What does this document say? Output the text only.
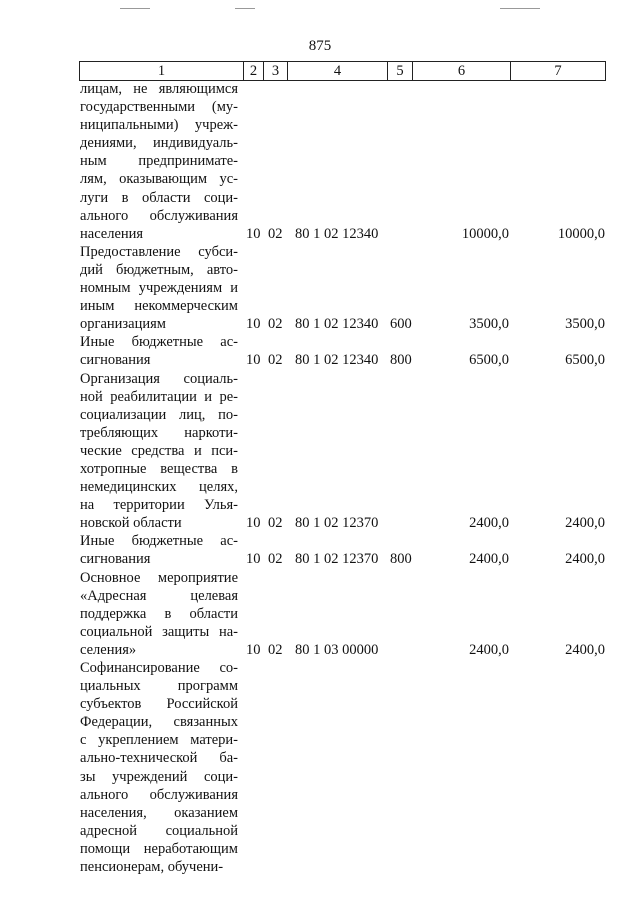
875
1	2	3	4	5	6	7
лицам, не являющимся
государственными (му-
ниципальными) учреж-
дениями, индивидуаль-
ным предпринимате-
лям, оказывающим ус-
луги в области соци-
ального обслуживания
населения	10 02 80 1 02 12340	10000,0	10000,0
Предоставление субси-
дий бюджетным, авто-
номным учреждениям и
иным некоммерческим
организациям	10 02 80 1 02 12340 600	3500,0	3500,0
Иные бюджетные ас-
сигнования	10 02 80 1 02 12340 800	6500,0	6500,0
Организация социаль-
ной реабилитации и ре-
социализации лиц, по-
требляющих наркоти-
ческие средства и пси-
хотропные вещества в
немедицинских целях,
на территории Улья-
новской области	10 02 80 1 02 12370	2400,0	2400,0
Иные бюджетные ас-
сигнования	10 02 80 1 02 12370 800	2400,0	2400,0
Основное мероприятие
«Адресная целевая
поддержка в области
социальной защиты на-
селения»	10 02 80 1 03 00000	2400,0	2400,0
Софинансирование со-
циальных программ
субъектов Российской
Федерации, связанных
с укреплением матери-
ально-технической ба-
зы учреждений соци-
ального обслуживания
населения, оказанием
адресной социальной
помощи неработающим
пенсионерам, обучени-
